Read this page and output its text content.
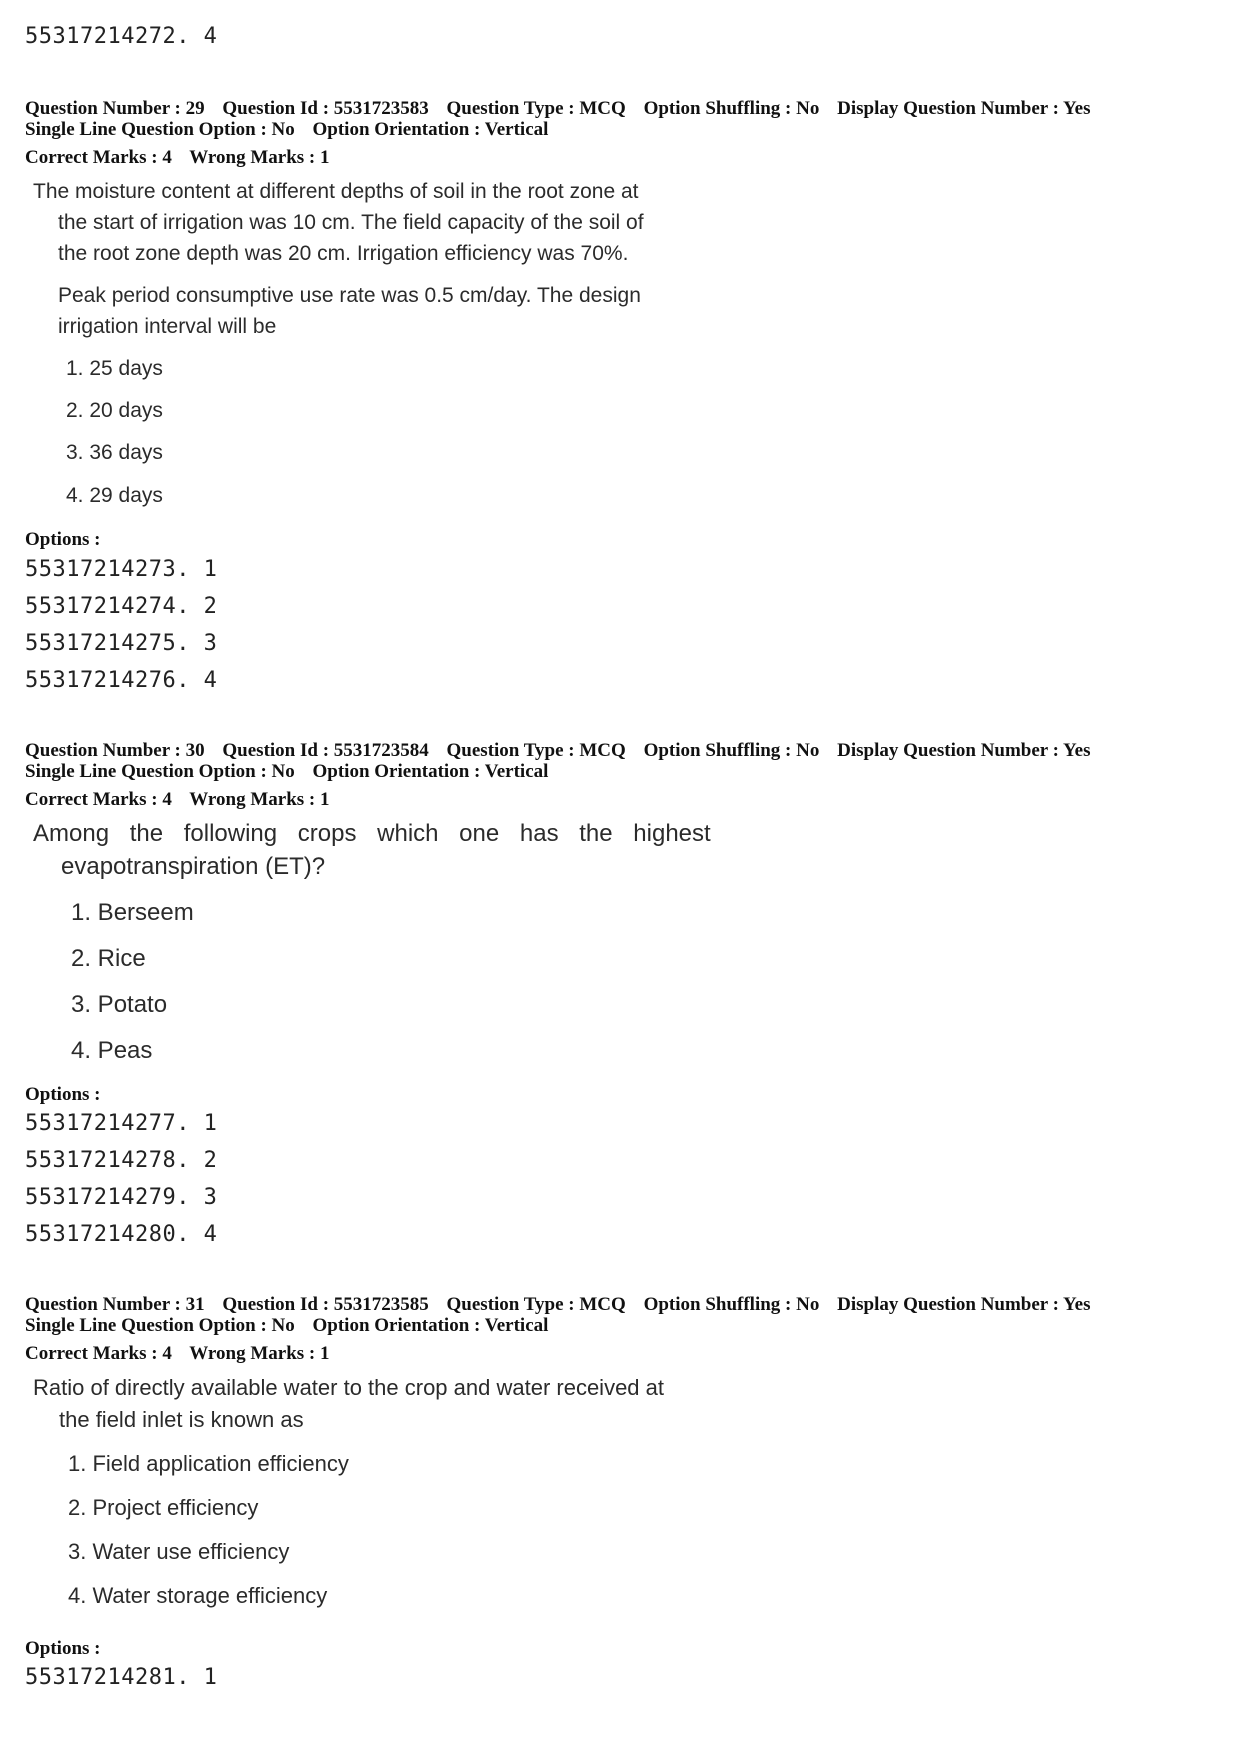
55317214272. 4
Question Number : 29 Question Id : 5531723583 Question Type : MCQ Option Shuffling : No Display Question Number : Yes
Single Line Question Option : No Option Orientation : Vertical
Correct Marks : 4 Wrong Marks : 1
The moisture content at different depths of soil in the root zone at
the start of irrigation was 10 cm. The field capacity of the soil of
the root zone depth was 20 cm. Irrigation efficiency was 70%.
Peak period consumptive use rate was 0.5 cm/day. The design
irrigation interval will be
1. 25 days
2. 20 days
3. 36 days
4. 29 days
Options :
55317214273. 1
55317214274. 2
55317214275. 3
55317214276. 4
Question Number : 30 Question Id : 5531723584 Question Type : MCQ Option Shuffling : No Display Question Number : Yes
Single Line Question Option : No Option Orientation : Vertical
Correct Marks : 4 Wrong Marks : 1
Among the following crops which one has the highest
evapotranspiration (ET)?
1. Berseem
2. Rice
3. Potato
4. Peas
Options :
55317214277. 1
55317214278. 2
55317214279. 3
55317214280. 4
Question Number : 31 Question Id : 5531723585 Question Type : MCQ Option Shuffling : No Display Question Number : Yes
Single Line Question Option : No Option Orientation : Vertical
Correct Marks : 4 Wrong Marks : 1
Ratio of directly available water to the crop and water received at
the field inlet is known as
1. Field application efficiency
2. Project efficiency
3. Water use efficiency
4. Water storage efficiency
Options :
55317214281. 1
